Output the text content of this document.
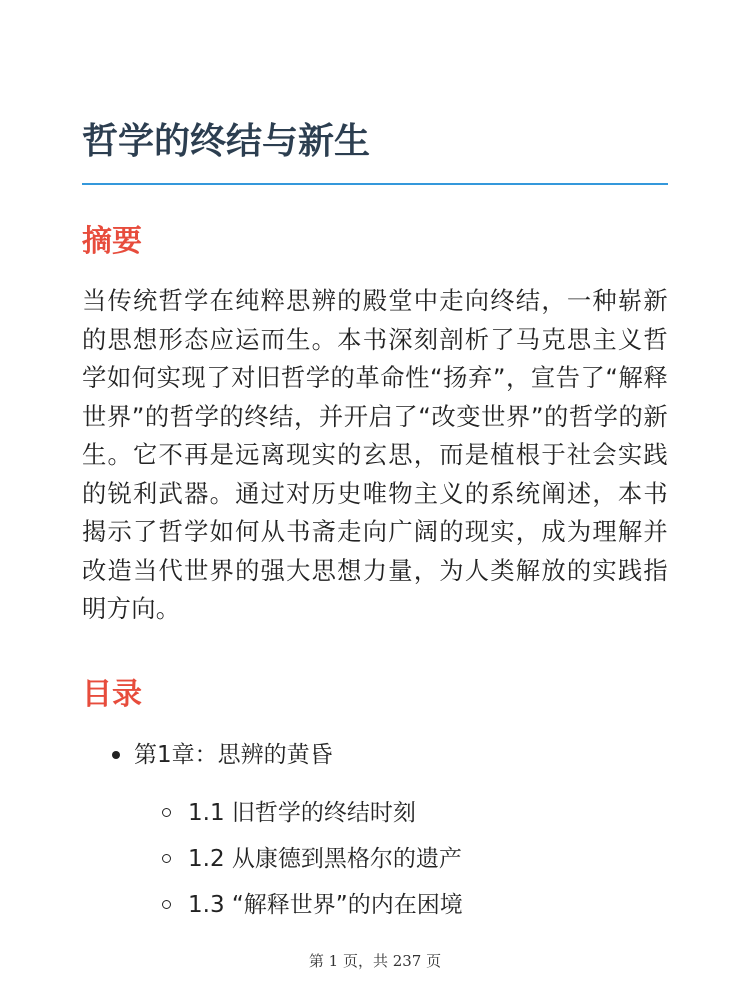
哲学的终结与新生
摘要

当传统哲学在纯粹思辨的殿堂中走向终结，一种崭新的思想形态应运而生。本书深刻剖析了马克思主义哲学如何实现了对旧哲学的革命性“扬弃”，宣告了“解释世界”的哲学的终结，并开启了“改变世界”的哲学的新生。它不再是远离现实的玄思，而是植根于社会实践的锐利武器。通过对历史唯物主义的系统阐述，本书揭示了哲学如何从书斋走向广阔的现实，成为理解并改造当代世界的强大思想力量，为人类解放的实践指明方向。

目录
第1章：思辨的黄昏
1.1 旧哲学的终结时刻
1.2 从康德到黑格尔的遗产
1.3 “解释世界”的内在困境
第 1 页，共 237 页
